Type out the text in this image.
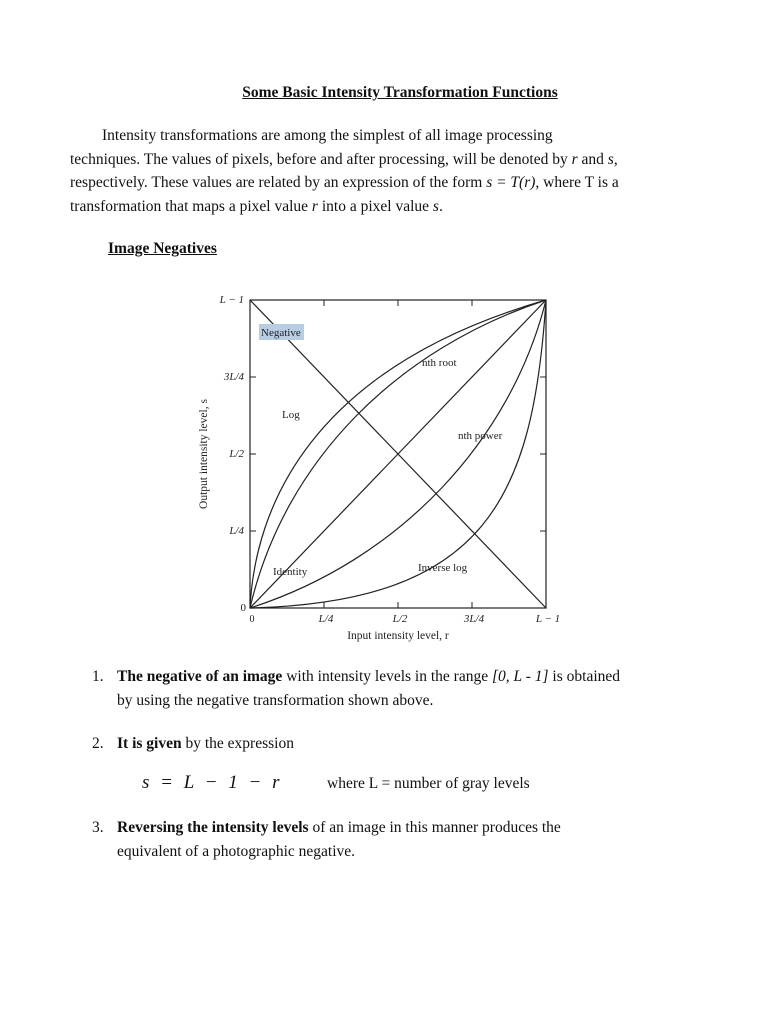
Some Basic Intensity Transformation Functions
Intensity transformations are among the simplest of all image processing
techniques. The values of pixels, before and after processing, will be denoted by r and s,
respectively. These values are related by an expression of the form s = T(r), where T is a
transformation that maps a pixel value r into a pixel value s.
Image Negatives
Negative
nth root
Log
nth power
Identity	Inverse log
L − 1
3L/4
L/2
L/4
0
0	L/4	L/2	3L/4	L − 1
Input intensity level, r
Output intensity level, s
1. The negative of an image with intensity levels in the range [0, L - 1] is obtained
by using the negative transformation shown above.
2. It is given by the expression
3. Reversing the intensity levels of an image in this manner produces the
equivalent of a photographic negative.
s = L − 1 − r	where L = number of gray levels
